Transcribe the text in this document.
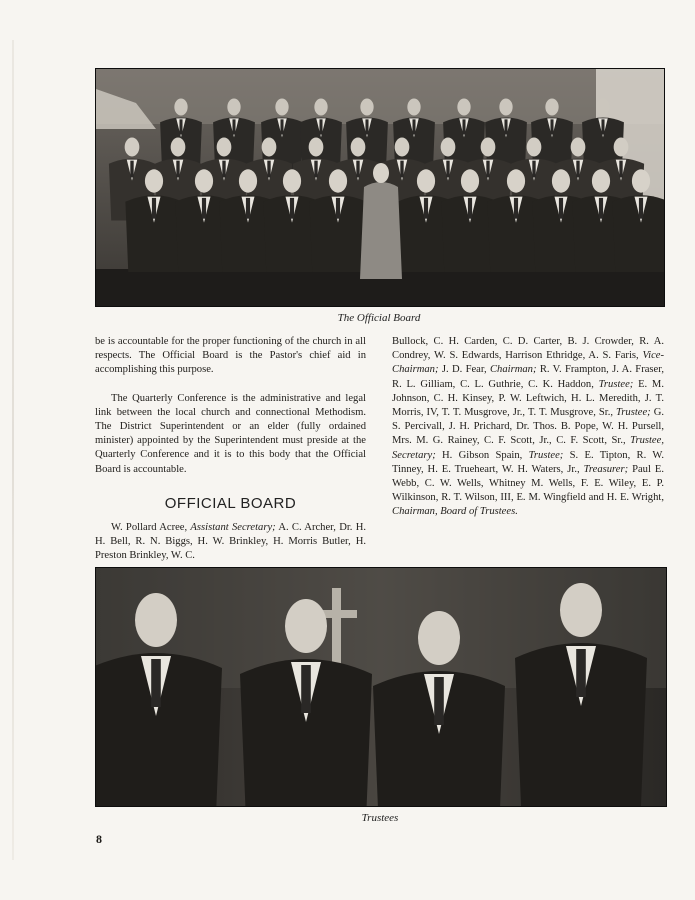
The Official Board

be is accountable for the proper functioning of the church in all respects. The Official Board is the Pastor's chief aid in accomplishing this purpose.

The Quarterly Conference is the administrative and legal link between the local church and connectional Methodism. The District Superintendent or an elder (fully ordained minister) appointed by the Superintendent must preside at the Quarterly Conference and it is to this body that the Official Board is accountable.

OFFICIAL BOARD

W. Pollard Acree, Assistant Secretary; A. C. Archer, Dr. H. H. Bell, R. N. Biggs, H. W. Brinkley, H. Morris Butler, H. Preston Brinkley, W. C.

Bullock, C. H. Carden, C. D. Carter, B. J. Crowder, R. A. Condrey, W. S. Edwards, Harrison Ethridge, A. S. Faris, Vice-Chairman; J. D. Fear, Chairman; R. V. Frampton, J. A. Fraser, R. L. Gilliam, C. L. Guthrie, C. K. Haddon, Trustee; E. M. Johnson, C. H. Kinsey, P. W. Leftwich, H. L. Meredith, J. T. Morris, IV, T. T. Musgrove, Jr., T. T. Musgrove, Sr., Trustee; G. S. Percivall, J. H. Prichard, Dr. Thos. B. Pope, W. H. Pursell, Mrs. M. G. Rainey, C. F. Scott, Jr., C. F. Scott, Sr., Trustee, Secretary; H. Gibson Spain, Trustee; S. E. Tipton, R. W. Tinney, H. E. Trueheart, W. H. Waters, Jr., Treasurer; Paul E. Webb, C. W. Wells, Whitney M. Wells, F. E. Wiley, E. P. Wilkinson, R. T. Wilson, III, E. M. Wingfield and H. E. Wright, Chairman, Board of Trustees.

Trustees
8
